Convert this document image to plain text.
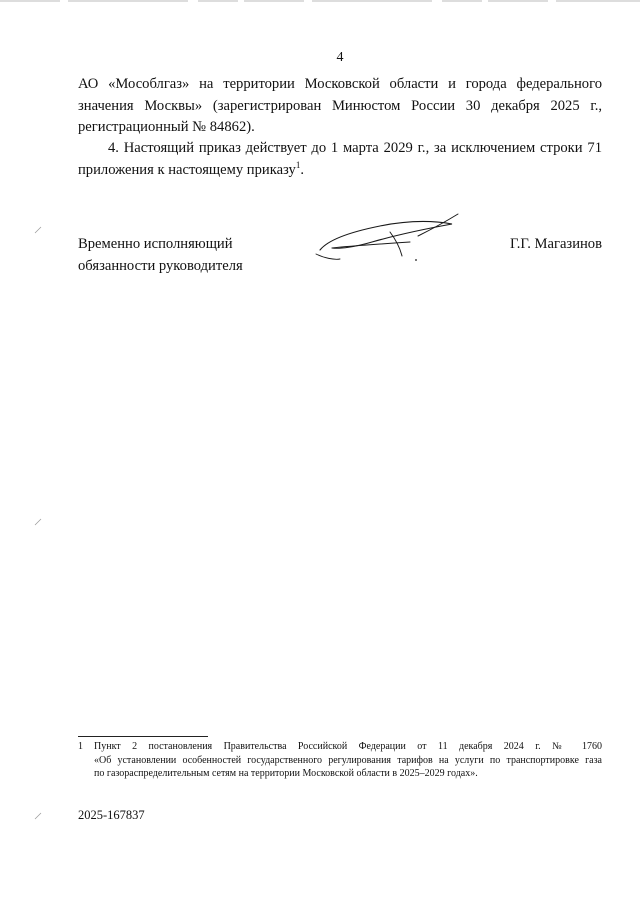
4
АО «Мособлгаз» на территории Московской области и города федерального
значения Москвы» (зарегистрирован Минюстом России 30 декабря 2025 г.,
регистрационный № 84862).
4. Настоящий приказ действует до 1 марта 2029 г., за исключением строки 71
приложения к настоящему приказу$^1$.
Временно исполняющий
обязанности руководителя
Г.Г. Магазинов
1 Пункт 2 постановления Правительства Российской Федерации от 11 декабря 2024 г. № 1760
«Об установлении особенностей государственного регулирования тарифов на услуги по транспортировке газа
по газораспределительным сетям на территории Московской области в 2025–2029 годах».
2025-167837
